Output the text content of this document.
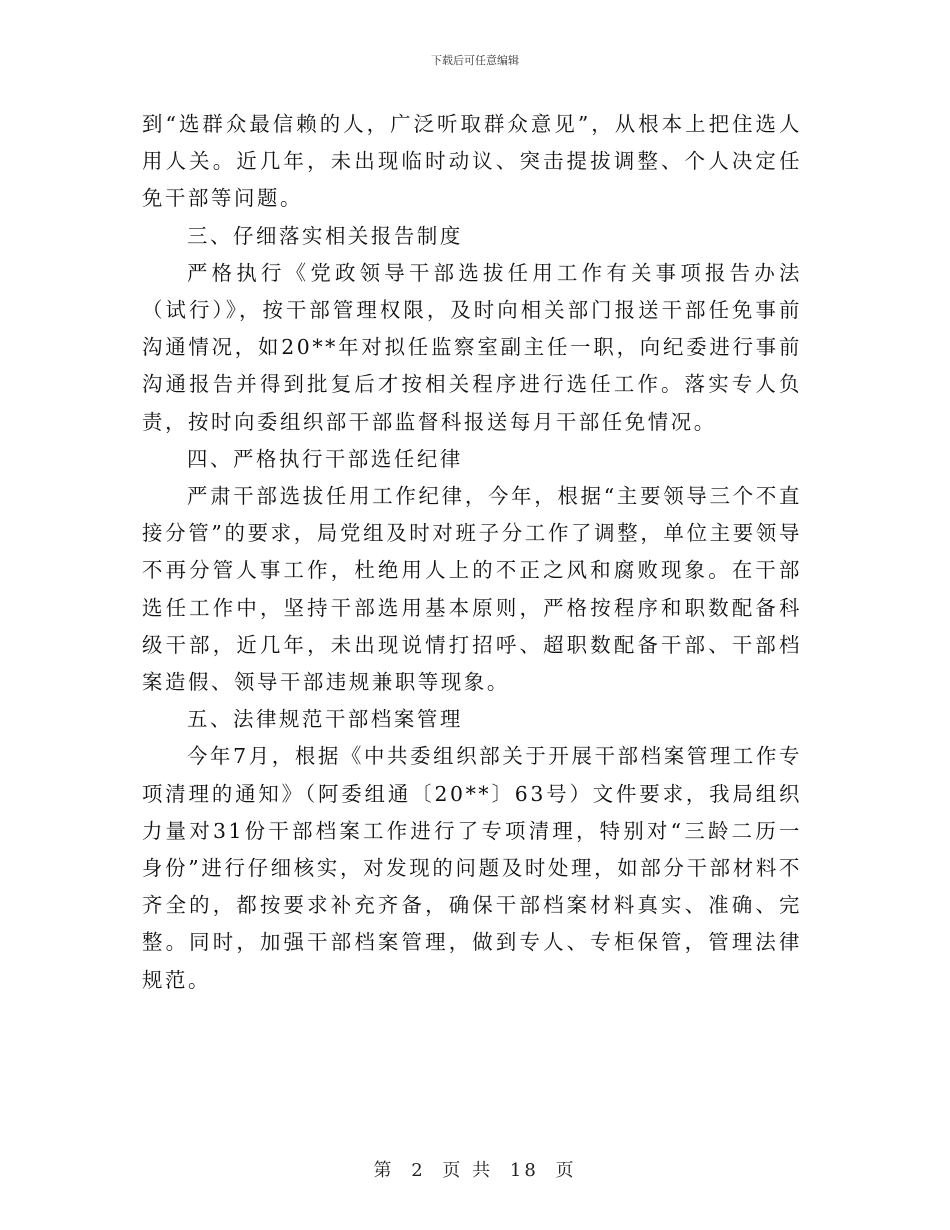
下载后可任意编辑

到“选群众最信赖的人，广泛听取群众意见”，从根本上把住选人用人关。近几年，未出现临时动议、突击提拔调整、个人决定任免干部等问题。

三、仔细落实相关报告制度

严格执行《党政领导干部选拔任用工作有关事项报告办法（试行）》，按干部管理权限，及时向相关部门报送干部任免事前沟通情况，如20**年对拟任监察室副主任一职，向纪委进行事前沟通报告并得到批复后才按相关程序进行选任工作。落实专人负责，按时向委组织部干部监督科报送每月干部任免情况。

四、严格执行干部选任纪律

严肃干部选拔任用工作纪律，今年，根据“主要领导三个不直接分管”的要求，局党组及时对班子分工作了调整，单位主要领导不再分管人事工作，杜绝用人上的不正之风和腐败现象。在干部选任工作中，坚持干部选用基本原则，严格按程序和职数配备科级干部，近几年，未出现说情打招呼、超职数配备干部、干部档案造假、领导干部违规兼职等现象。

五、法律规范干部档案管理

今年7月，根据《中共委组织部关于开展干部档案管理工作专项清理的通知》（阿委组通〔20**〕63号）文件要求，我局组织力量对31份干部档案工作进行了专项清理，特别对“三龄二历一身份”进行仔细核实，对发现的问题及时处理，如部分干部材料不齐全的，都按要求补充齐备，确保干部档案材料真实、准确、完整。同时，加强干部档案管理，做到专人、专柜保管，管理法律规范。

第 2 页 共 18 页
